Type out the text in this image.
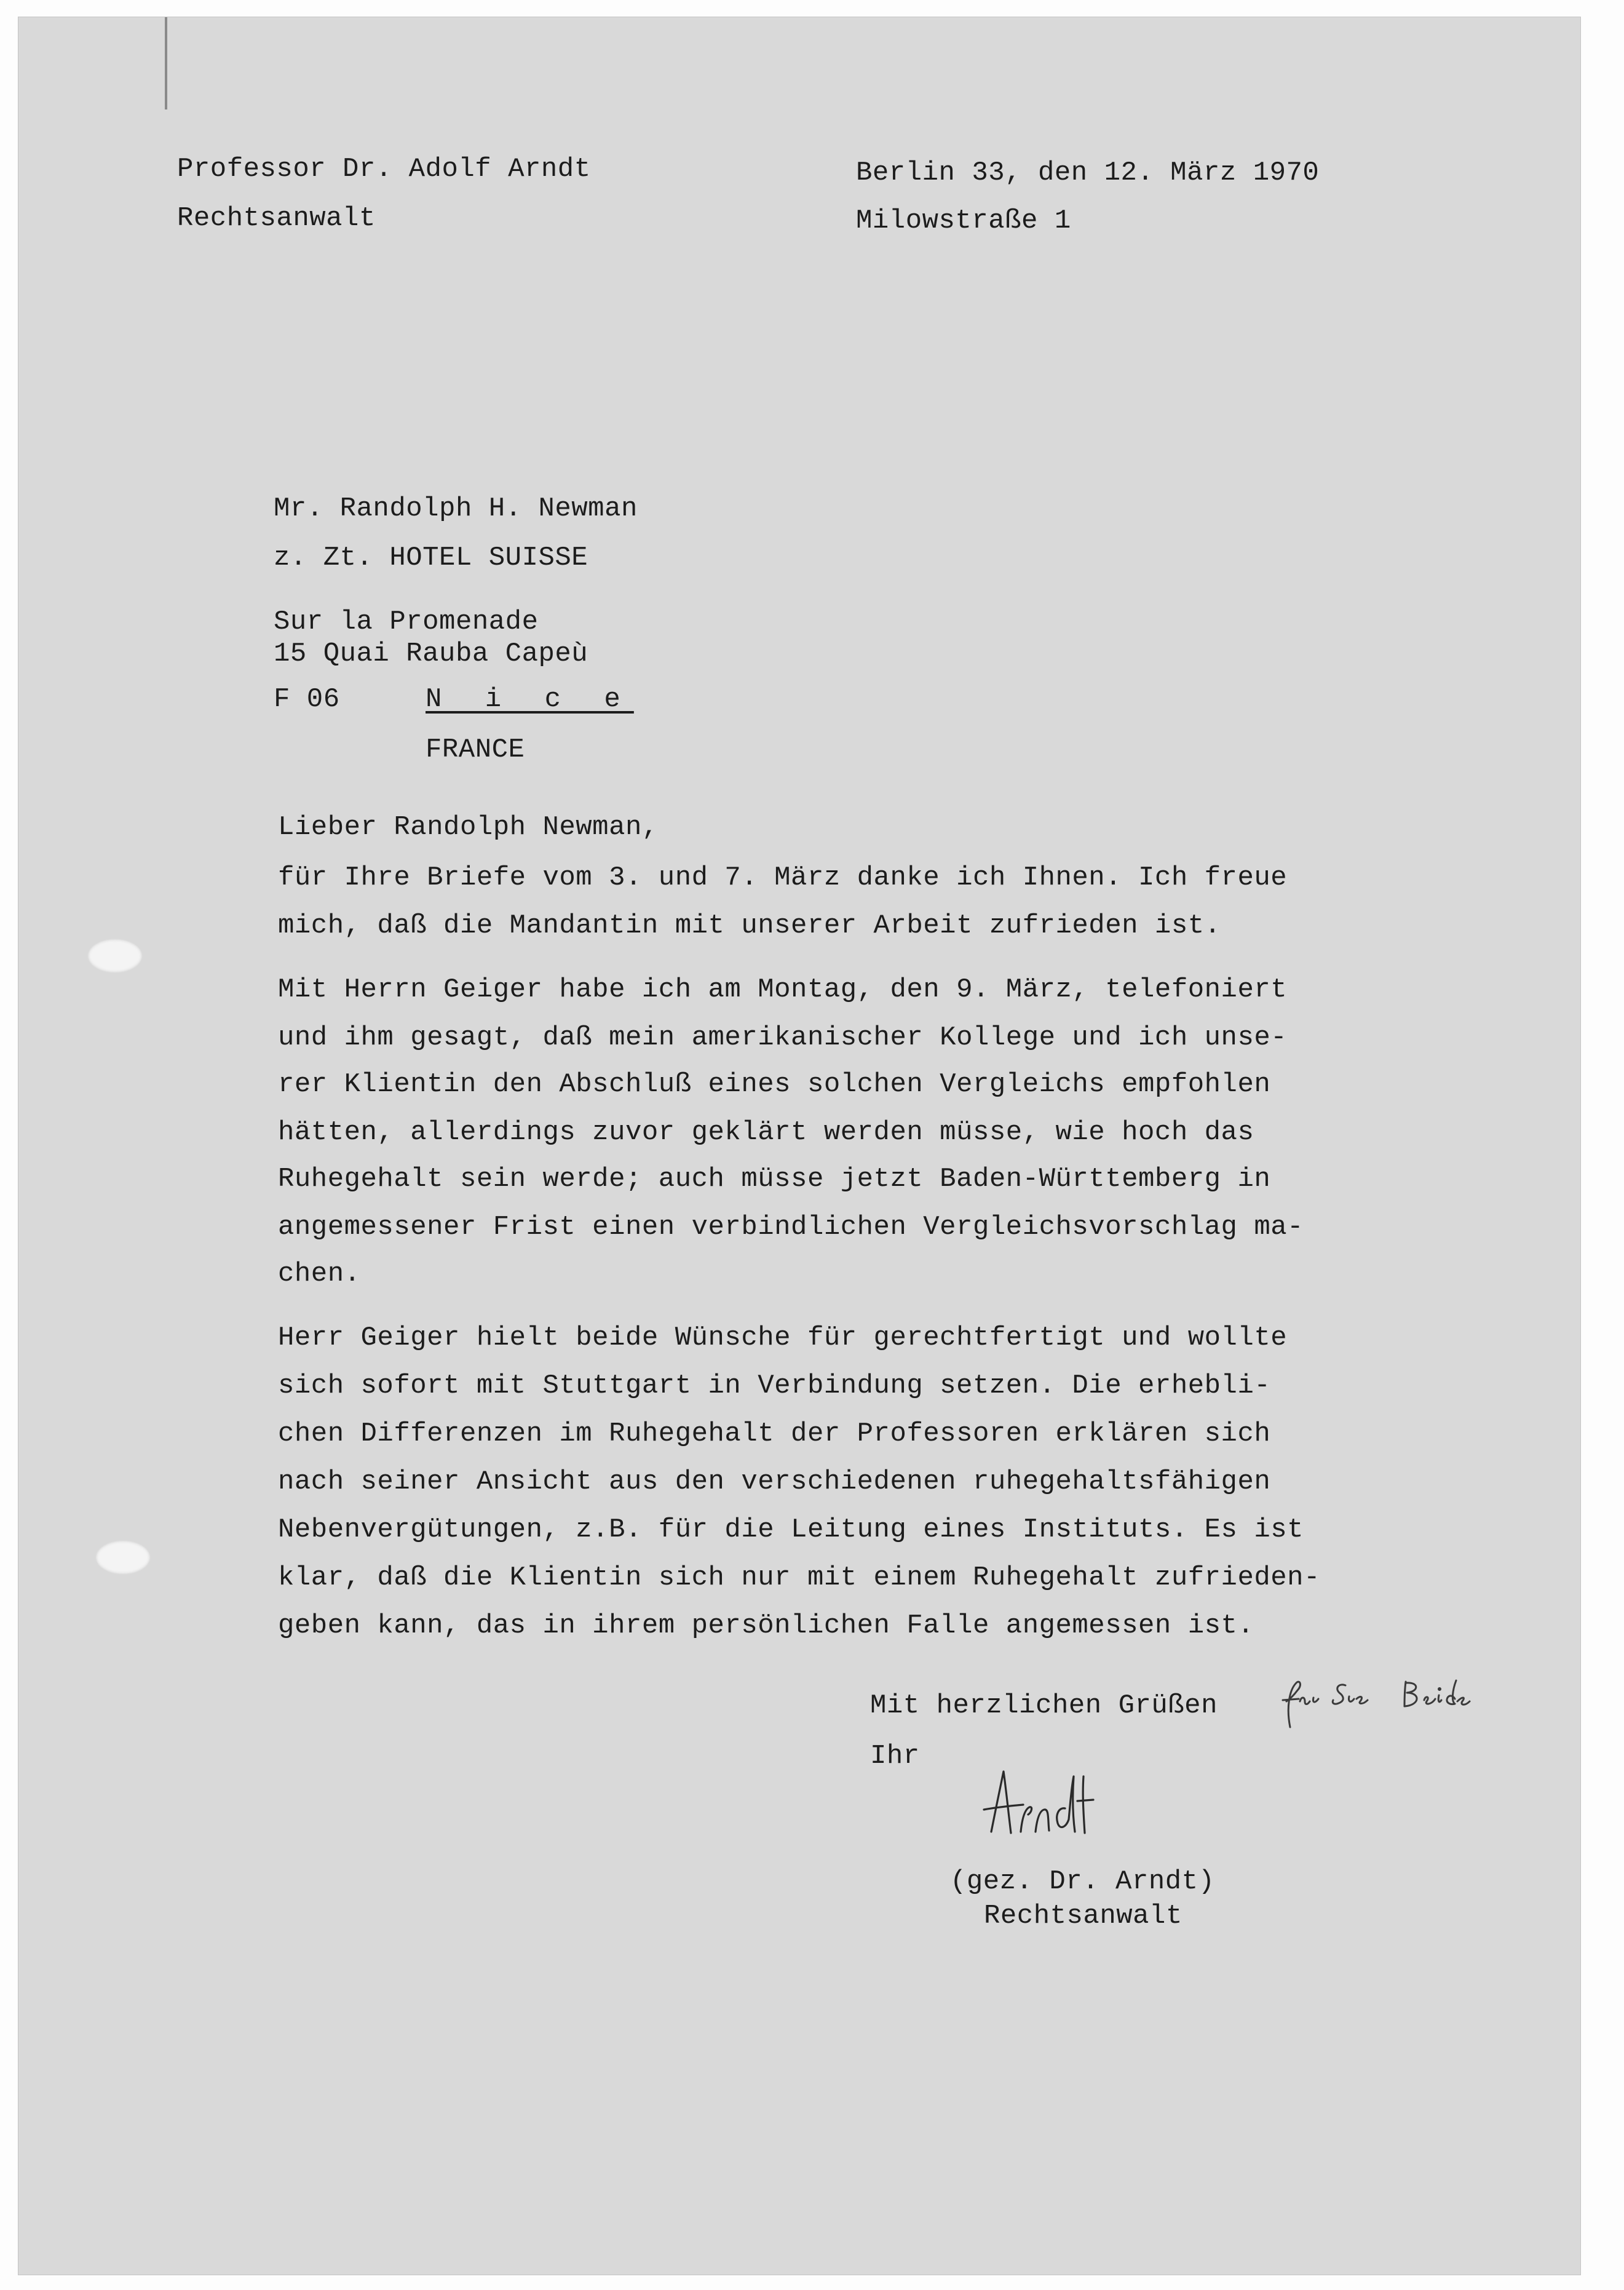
Professor Dr. Adolf Arndt
Rechtsanwalt
Berlin 33, den 12. März 1970
Milowstraße 1
Mr. Randolph H. Newman
z. Zt. HOTEL SUISSE
Sur la Promenade
15 Quai Rauba Capeù
F 06	N i c e
FRANCE
Lieber Randolph Newman,
für Ihre Briefe vom 3. und 7. März danke ich Ihnen. Ich freue
mich, daß die Mandantin mit unserer Arbeit zufrieden ist.
Mit Herrn Geiger habe ich am Montag, den 9. März, telefoniert
und ihm gesagt, daß mein amerikanischer Kollege und ich unse-
rer Klientin den Abschluß eines solchen Vergleichs empfohlen
hätten, allerdings zuvor geklärt werden müsse, wie hoch das
Ruhegehalt sein werde; auch müsse jetzt Baden-Württemberg in
angemessener Frist einen verbindlichen Vergleichsvorschlag ma-
chen.
Herr Geiger hielt beide Wünsche für gerechtfertigt und wollte
sich sofort mit Stuttgart in Verbindung setzen. Die erhebli-
chen Differenzen im Ruhegehalt der Professoren erklären sich
nach seiner Ansicht aus den verschiedenen ruhegehaltsfähigen
Nebenvergütungen, z.B. für die Leitung eines Instituts. Es ist
klar, daß die Klientin sich nur mit einem Ruhegehalt zufrieden-
geben kann, das in ihrem persönlichen Falle angemessen ist.
Mit herzlichen Grüßen
Ihr
(gez. Dr. Arndt)
Rechtsanwalt
